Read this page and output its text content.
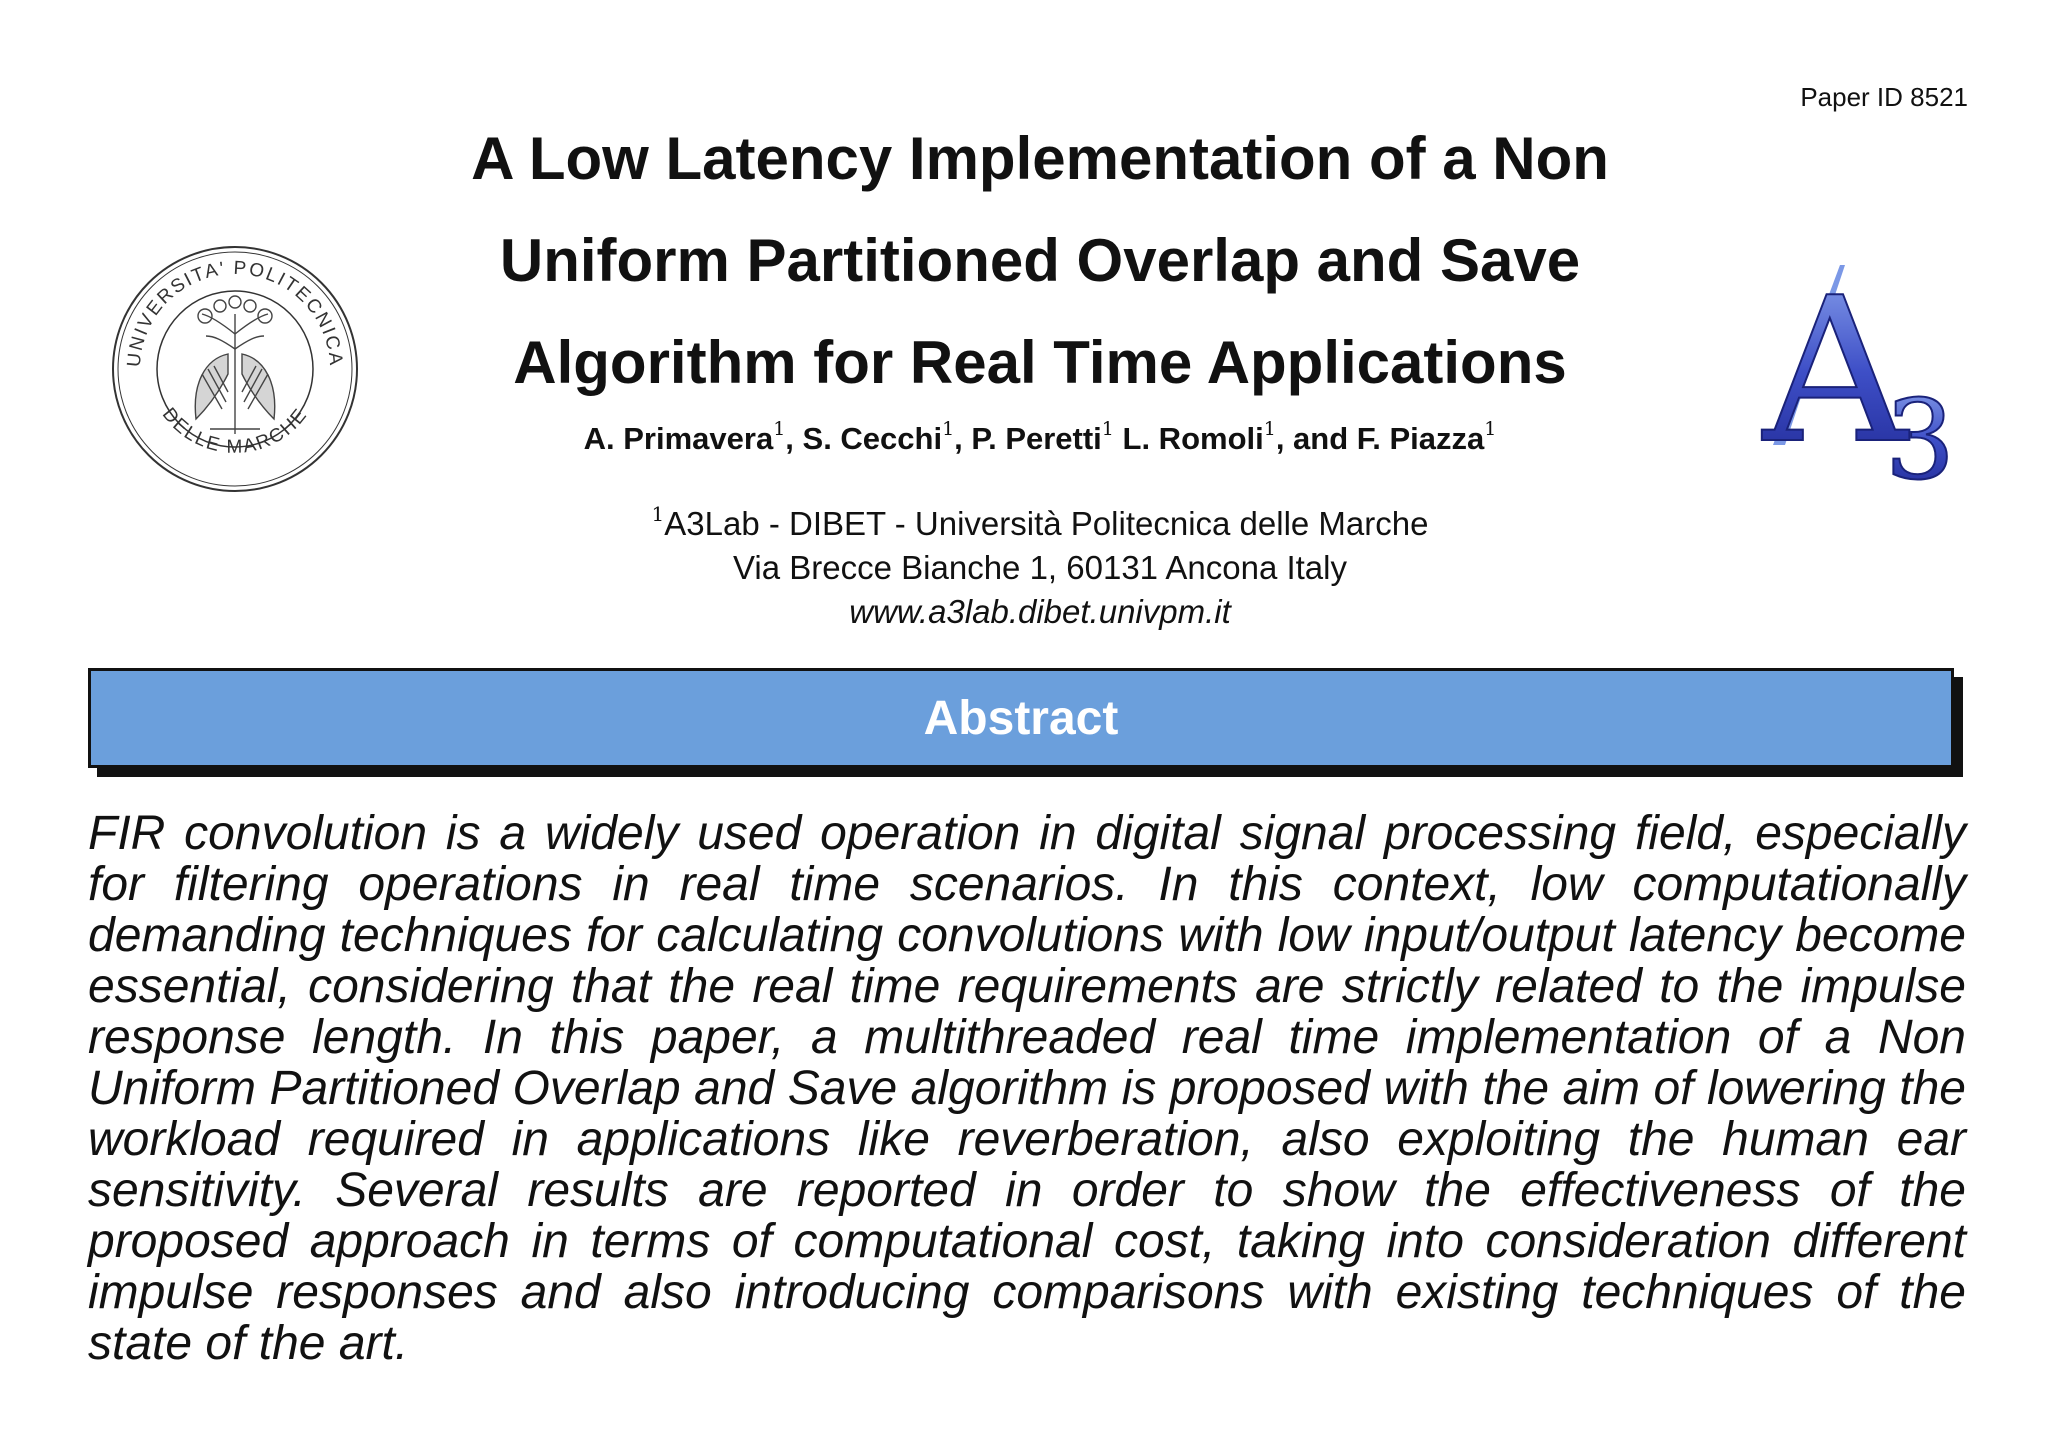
Paper ID 8521
UNIVERSITA' POLITECNICA
DELLE MARCHE	A
3
A Low Latency Implementation of a Non
Uniform Partitioned Overlap and Save
Algorithm for Real Time Applications
A. Primavera$^1$, S. Cecchi$^1$, P. Peretti$^1$ L. Romoli$^1$, and F. Piazza$^1$
$^1$A3Lab - DIBET - Università Politecnica delle Marche
Via Brecce Bianche 1, 60131 Ancona Italy
www.a3lab.dibet.univpm.it
Abstract

FIR convolution is a widely used operation in digital signal processing field, especially for filtering operations in real time scenarios. In this context, low computationally demanding techniques for calculating convolutions with low input/output latency become essential, considering that the real time requirements are strictly related to the impulse response length. In this paper, a multithreaded real time implementation of a Non Uniform Partitioned Overlap and Save algorithm is proposed with the aim of lowering the workload required in applications like reverberation, also exploiting the human ear sensitivity. Several results are reported in order to show the effectiveness of the proposed approach in terms of computational cost, taking into consideration different impulse responses and also introducing comparisons with existing techniques of the state of the art.
